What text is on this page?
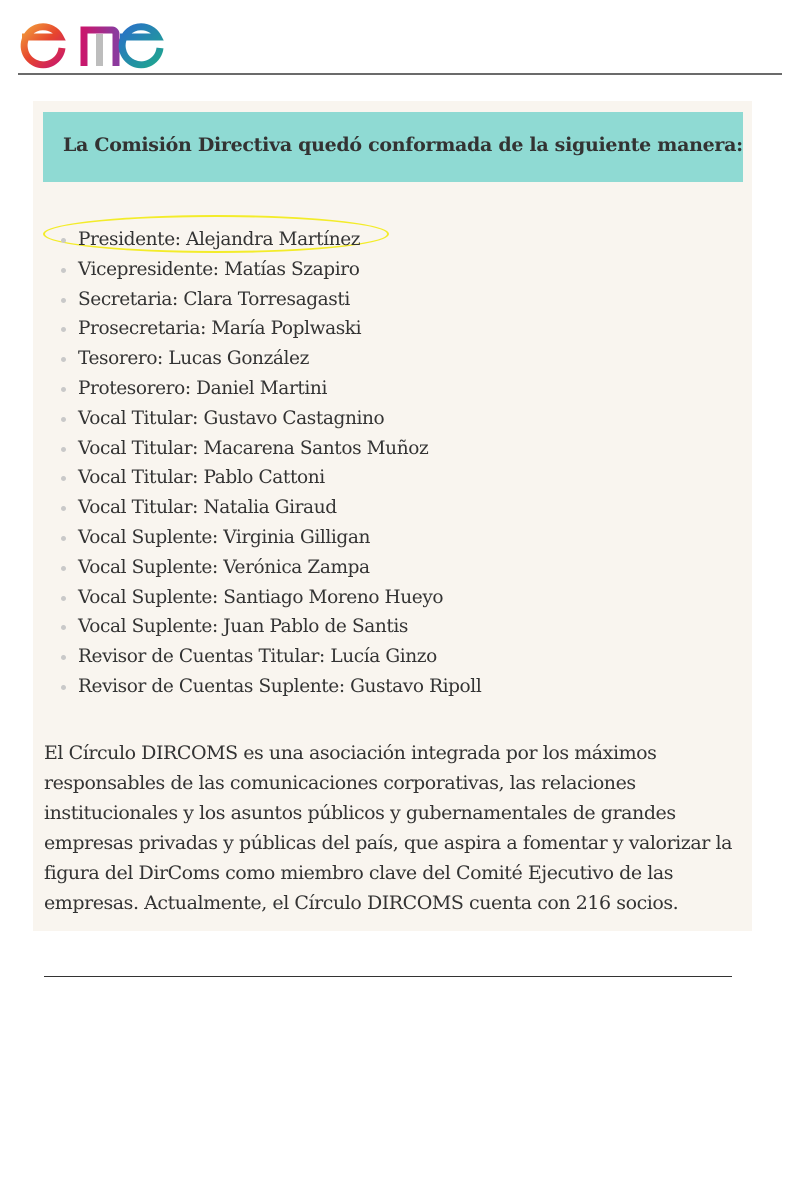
La Comisión Directiva quedó conformada de la siguiente manera:
Presidente: Alejandra Martínez
Vicepresidente: Matías Szapiro
Secretaria: Clara Torresagasti
Prosecretaria: María Poplwaski
Tesorero: Lucas González
Protesorero: Daniel Martini
Vocal Titular: Gustavo Castagnino
Vocal Titular: Macarena Santos Muñoz
Vocal Titular: Pablo Cattoni
Vocal Titular: Natalia Giraud
Vocal Suplente: Virginia Gilligan
Vocal Suplente: Verónica Zampa
Vocal Suplente: Santiago Moreno Hueyo
Vocal Suplente: Juan Pablo de Santis
Revisor de Cuentas Titular: Lucía Ginzo
Revisor de Cuentas Suplente: Gustavo Ripoll

El Círculo DIRCOMS es una asociación integrada por los máximos responsables de las comunicaciones corporativas, las relaciones institucionales y los asuntos públicos y gubernamentales de grandes empresas privadas y públicas del país, que aspira a fomentar y valorizar la figura del DirComs como miembro clave del Comité Ejecutivo de las empresas. Actualmente, el Círculo DIRCOMS cuenta con 216 socios.
